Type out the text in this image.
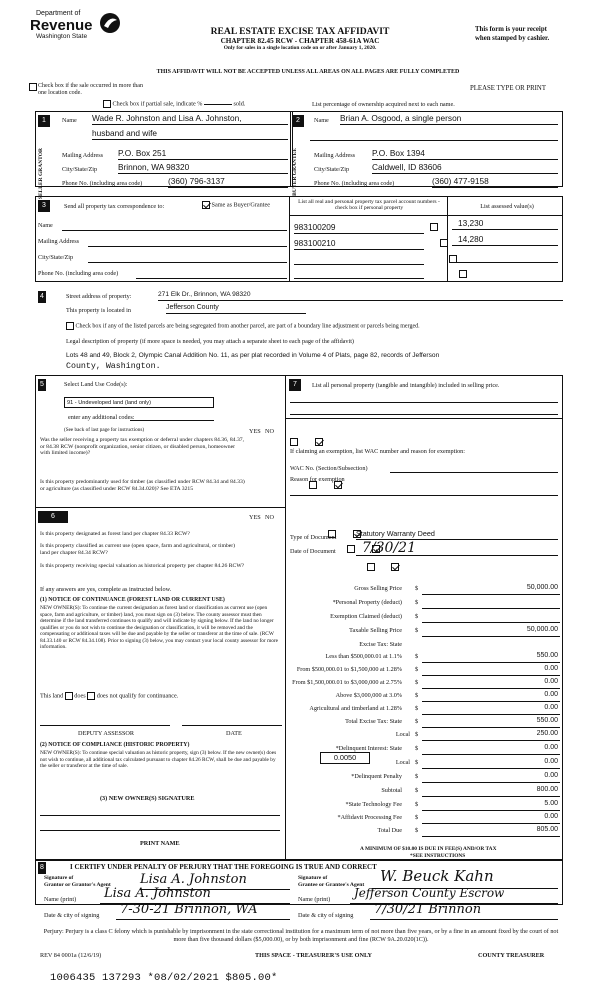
Department of
Revenue
Washington State	REAL ESTATE EXCISE TAX AFFIDAVIT
CHAPTER 82.45 RCW - CHAPTER 458-61A WAC
Only for sales in a single location code on or after January 1, 2020.
THIS AFFIDAVIT WILL NOT BE ACCEPTED UNLESS ALL AREAS ON ALL PAGES ARE FULLY COMPLETED
This form is your receipt
when stamped by cashier.
PLEASE TYPE OR PRINT
Check box if the sale occurred in more than one location code.
Check box if partial sale, indicate %	sold.	List percentage of ownership acquired next to each name.
1	2
SELLER GRANTOR	BUYER GRANTEE
Name Wade R. Johnston and Lisa A. Johnston,
husband and wife
Mailing Address P.O. Box 251
City/State/Zip	Brinnon, WA 98320
Phone No. (including area code)	(360) 796-3137
Name Brian A. Osgood, a single person
Mailing Address P.O. Box 1394
City/State/Zip	Caldwell, ID 83606
Phone No. (including area code)	(360) 477-9158
3	Send all property tax correspondence to:	Same as Buyer/Grantee
Name
Mailing Address
City/State/Zip
Phone No. (including area code)
List all real and personal property tax parcel account numbers - check box if personal property	List assessed value(s)
983100209
	13,230
983100210
	14,280

4	Street address of property:	271 Elk Dr., Brinnon, WA 98320
This property is located in	Jefferson County
Check box if any of the listed parcels are being segregated from another parcel, are part of a boundary line adjustment or parcels being merged.
Legal description of property (if more space is needed, you may attach a separate sheet to each page of the affidavit)
Lots 48 and 49, Block 2, Olympic Canal Addition No. 11, as per plat recorded in Volume 4 of Plats, page 82, records of Jefferson
County, Washington.
5	Select Land Use Code(s):
91 - Undeveloped land (land only)
enter any additional codes:
(See back of last page for instructions)	YES NO
Was the seller receiving a property tax exemption or deferral under chapters 84.36, 84.37, or 84.38 RCW (nonprofit organization, senior citizen, or disabled person, homeowner with limited income)?

Is this property predominantly used for timber (as classified under RCW 84.34 and 84.33) or agriculture (as classified under RCW 84.34.020)? See ETA 3215

6	YES NO
Is this property designated as forest land per chapter 84.33 RCW?

Is this property classified as current use (open space, farm and agricultural, or timber) land per chapter 84.34 RCW?

Is this property receiving special valuation as historical property per chapter 84.26 RCW?

If any answers are yes, complete as instructed below.
(1) NOTICE OF CONTINUANCE (FOREST LAND OR CURRENT USE)
NEW OWNER(S): To continue the current designation as forest land or classification as current use (open space, farm and agriculture, or timber) land, you must sign on (3) below. The county assessor must then determine if the land transferred continues to qualify and will indicate by signing below. If the land no longer qualifies or you do not wish to continue the designation or classification, it will be removed and the compensating or additional taxes will be due and payable by the seller or transferor at the time of sale. (RCW 84.33.140 or RCW 84.34.108). Prior to signing (3) below, you may contact your local county assessor for more information.
This land does does not qualify for continuance.
DEPUTY ASSESSOR	DATE
(2) NOTICE OF COMPLIANCE (HISTORIC PROPERTY)
NEW OWNER(S): To continue special valuation as historic property, sign (3) below. If the new owner(s) does not wish to continue, all additional tax calculated pursuant to chapter 84.26 RCW, shall be due and payable by the seller or transferor at the time of sale.
(3) NEW OWNER(S) SIGNATURE
PRINT NAME
7	List all personal property (tangible and intangible) included in selling price.
If claiming an exemption, list WAC number and reason for exemption:
WAC No. (Section/Subsection)
Reason for exemption
Type of Document	Statutory Warranty Deed
Date of Document	7/30/21
Gross Selling Price $	50,000.00
*Personal Property (deduct) $
Exemption Claimed (deduct) $
Taxable Selling Price $	50,000.00
Excise Tax: State
Less than $500,000.01 at 1.1% $	550.00
From $500,000.01 to $1,500,000 at 1.28% $	0.00
From $1,500,000.01 to $3,000,000 at 2.75% $	0.00
Above $3,000,000 at 3.0% $	0.00
Agricultural and timberland at 1.28% $	0.00
Total Excise Tax: State $	550.00
Local $	250.00
*Delinquent Interest: State $	0.00
Local $	0.00
*Delinquent Penalty $	0.00
Subtotal $	800.00
*State Technology Fee $	5.00
*Affidavit Processing Fee $	0.00
Total Due $	805.00
0.0050
A MINIMUM OF $10.00 IS DUE IN FEE(S) AND/OR TAX
*SEE INSTRUCTIONS
8	I CERTIFY UNDER PENALTY OF PERJURY THAT THE FOREGOING IS TRUE AND CORRECT
Signature of
Grantor or Grantor's Agent Lisa A. Johnston
Name (print)	Lisa A. Johnston
Date & city of signing	7-30-21 Brinnon, WA
Signature of
Grantee or Grantee's Agent	W. Beuck Kahn
Name (print)	Jefferson County Escrow
Date & city of signing	7/30/21 Brinnon
Perjury: Perjury is a class C felony which is punishable by imprisonment in the state correctional institution for a maximum term of not more than five years, or by a fine in an amount fixed by the court of not more than five thousand dollars ($5,000.00), or by both imprisonment and fine (RCW 9A.20.020(1C)).
REV 84 0001a (12/6/19)	THIS SPACE - TREASURER'S USE ONLY	COUNTY TREASURER
1006435 137293 *08/02/2021 $805.00*
